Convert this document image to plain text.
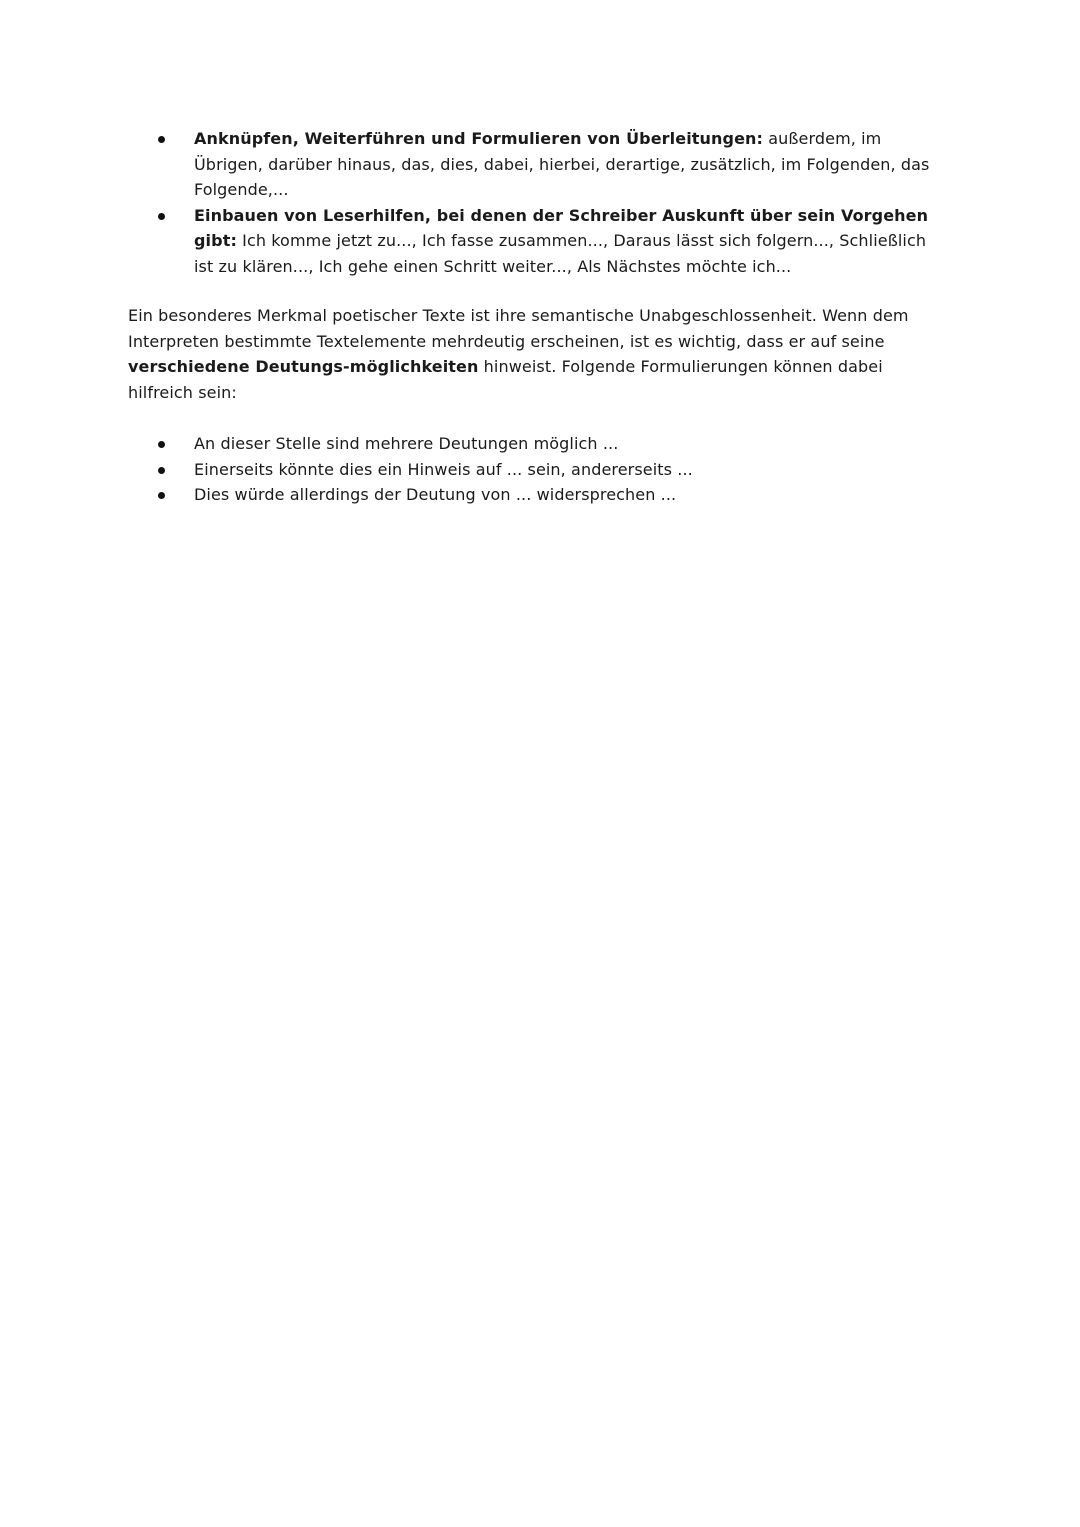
Anknüpfen, Weiterführen und Formulieren von Überleitungen: außerdem, im Übrigen, darüber hinaus, das, dies, dabei, hierbei, derartige, zusätzlich, im Folgenden, das Folgende,...
Einbauen von Leserhilfen, bei denen der Schreiber Auskunft über sein Vorgehen gibt: Ich komme jetzt zu..., Ich fasse zusammen..., Daraus lässt sich folgern..., Schließlich ist zu klären..., Ich gehe einen Schritt weiter..., Als Nächstes möchte ich...

Ein besonderes Merkmal poetischer Texte ist ihre semantische Unabgeschlossenheit. Wenn dem Interpreten bestimmte Textelemente mehrdeutig erscheinen, ist es wichtig, dass er auf seine verschiedene Deutungs-möglichkeiten hinweist. Folgende Formulierungen können dabei hilfreich sein:

An dieser Stelle sind mehrere Deutungen möglich ...
Einerseits könnte dies ein Hinweis auf ... sein, andererseits ...
Dies würde allerdings der Deutung von ... widersprechen ...
